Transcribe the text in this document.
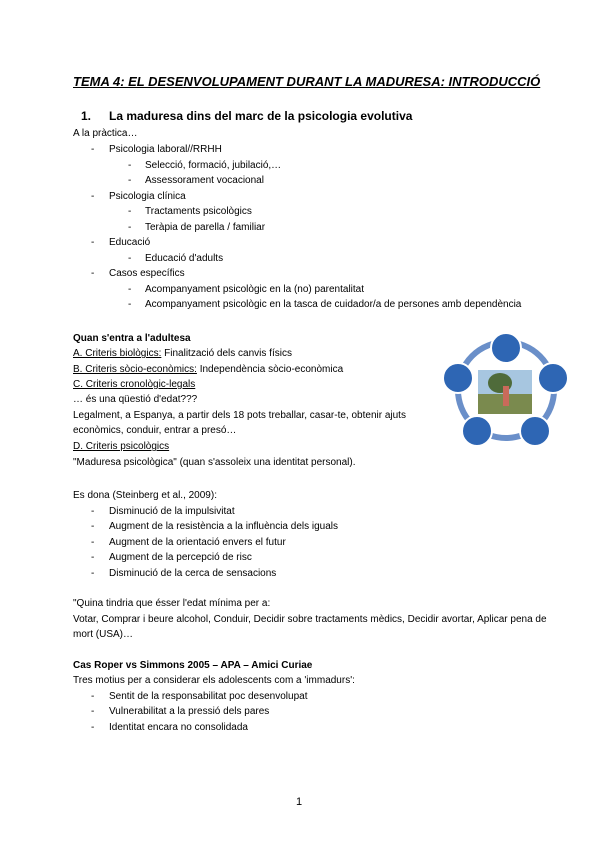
TEMA 4: EL DESENVOLUPAMENT DURANT LA MADURESA: INTRODUCCIÓ
1. La maduresa dins del marc de la psicologia evolutiva
A la pràctica…
- Psicologia laboral//RRHH
- Selecció, formació, jubilació,…
- Assessorament vocacional
- Psicologia clínica
- Tractaments psicològics
- Teràpia de parella / familiar
- Educació
- Educació d'adults
- Casos específics
- Acompanyament psicològic en la (no) parentalitat
- Acompanyament psicològic en la tasca de cuidador/a de persones amb dependència
Quan s'entra a l'adultesa
A. Criteris biològics: Finalització dels canvis físics
B. Criteris sòcio-econòmics: Independència sòcio-econòmica
C. Criteris cronològic-legals
… és una qüestió d'edat???
Legalment, a Espanya, a partir dels 18 pots treballar, casar-te, obtenir ajuts
econòmics, conduir, entrar a presó…
D. Criteris psicològics
"Maduresa psicològica" (quan s'assoleix una identitat personal).
Es dona (Steinberg et al., 2009):
- Disminució de la impulsivitat
- Augment de la resistència a la influència dels iguals
- Augment de la orientació envers el futur
- Augment de la percepció de risc
- Disminució de la cerca de sensacions
"Quina tindria que ésser l'edat mínima per a:
Votar, Comprar i beure alcohol, Conduir, Decidir sobre tractaments mèdics, Decidir avortar, Aplicar pena de
mort (USA)…
Cas Roper vs Simmons 2005 – APA – Amici Curiae
Tres motius per a considerar els adolescents com a 'immadurs':
- Sentit de la responsabilitat poc desenvolupat
- Vulnerabilitat a la pressió dels pares
- Identitat encara no consolidada
1
